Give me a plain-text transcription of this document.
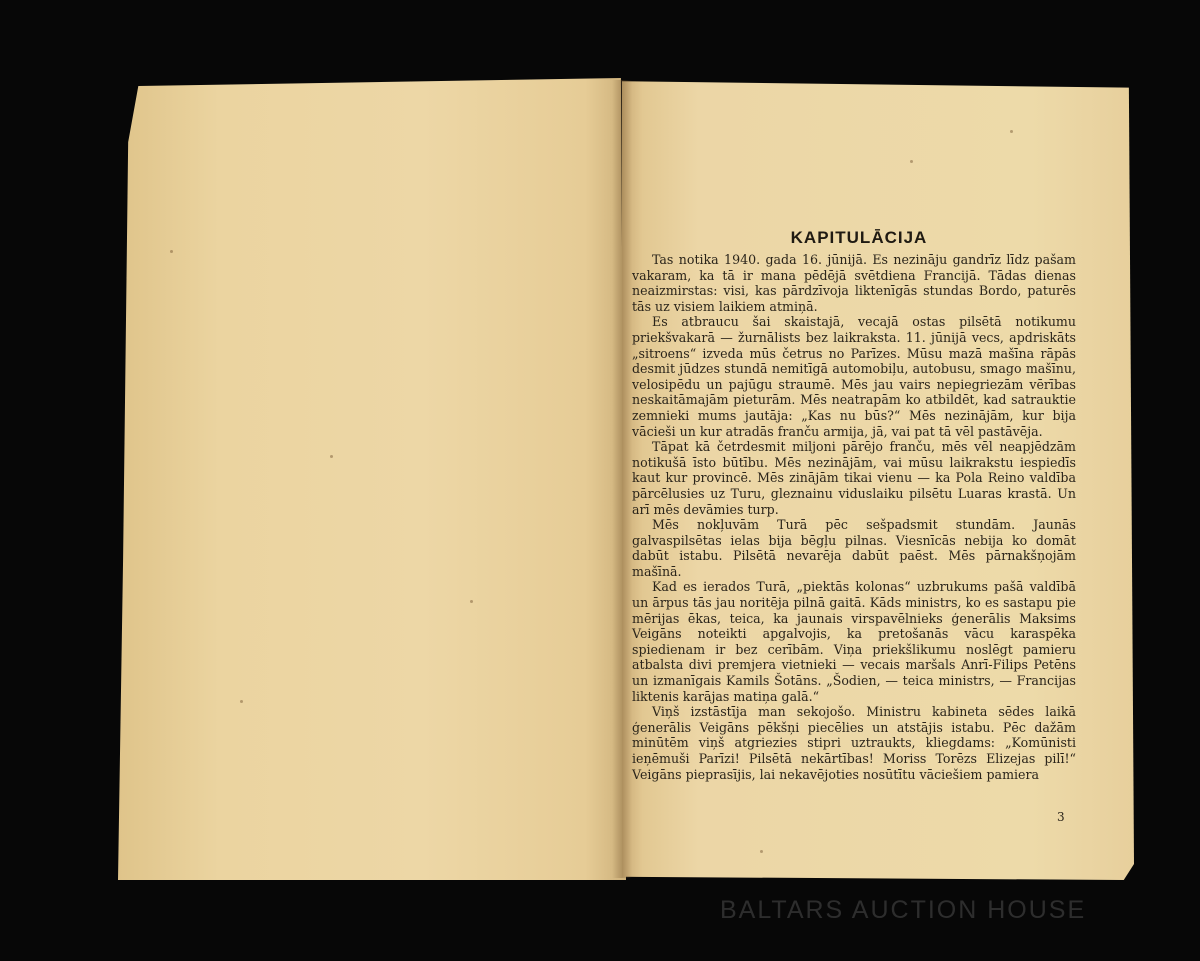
KAPITULĀCIJA

Tas notika 1940. gada 16. jūnijā. Es nezināju gandrīz līdz pašam vakaram, ka tā ir mana pēdējā svētdiena Francijā. Tādas dienas neaizmirstas: visi, kas pārdzīvoja liktenīgās stundas Bordo, paturēs tās uz visiem laikiem atmiņā.

Es atbraucu šai skaistajā, vecajā ostas pilsētā notikumu priekšvakarā — žurnālists bez laikraksta. 11. jūnijā vecs, apdriskāts „sitroens“ izveda mūs četrus no Parīzes. Mūsu mazā mašīna rāpās desmit jūdzes stundā nemitīgā automobiļu, autobusu, smago mašīnu, velosipēdu un pajūgu straumē. Mēs jau vairs nepiegriezām vērības neskaitāmajām pieturām. Mēs neatrapām ko atbildēt, kad satrauktie zemnieki mums jautāja: „Kas nu būs?“ Mēs nezinājām, kur bija vācieši un kur atradās franču armija, jā, vai pat tā vēl pastāvēja.

Tāpat kā četrdesmit miljoni pārējo franču, mēs vēl neapjēdzām notikušā īsto būtību. Mēs nezinājām, vai mūsu laikrakstu iespiedīs kaut kur provincē. Mēs zinājām tikai vienu — ka Pola Reino valdība pārcēlusies uz Turu, gleznainu viduslaiku pilsētu Luaras krastā. Un arī mēs devāmies turp.

Mēs nokļuvām Turā pēc sešpadsmit stundām. Jaunās galvaspilsētas ielas bija bēgļu pilnas. Viesnīcās nebija ko domāt dabūt istabu. Pilsētā nevarēja dabūt paēst. Mēs pārnakšņojām mašīnā.

Kad es ierados Turā, „piektās kolonas“ uzbrukums pašā valdībā un ārpus tās jau noritēja pilnā gaitā. Kāds ministrs, ko es sastapu pie mērijas ēkas, teica, ka jaunais virspavēlnieks ģenerālis Maksims Veigāns noteikti apgalvojis, ka pretošanās vācu karaspēka spiedienam ir bez cerībām. Viņa priekšlikumu noslēgt pamieru atbalsta divi premjera vietnieki — vecais maršals Anrī-Filips Petēns un izmanīgais Kamils Šotāns. „Šodien, — teica ministrs, — Francijas liktenis karājas matiņa galā.“

Viņš izstāstīja man sekojošo. Ministru kabineta sēdes laikā ģenerālis Veigāns pēkšņi piecēlies un atstājis istabu. Pēc dažām minūtēm viņš atgriezies stipri uztraukts, kliegdams: „Komūnisti ieņēmuši Parīzi! Pilsētā nekārtības! Moriss Torēzs Elizejas pilī!“ Veigāns pieprasījis, lai nekavējoties nosūtītu vāciešiem pamiera

3
BALTARS AUCTION HOUSE
